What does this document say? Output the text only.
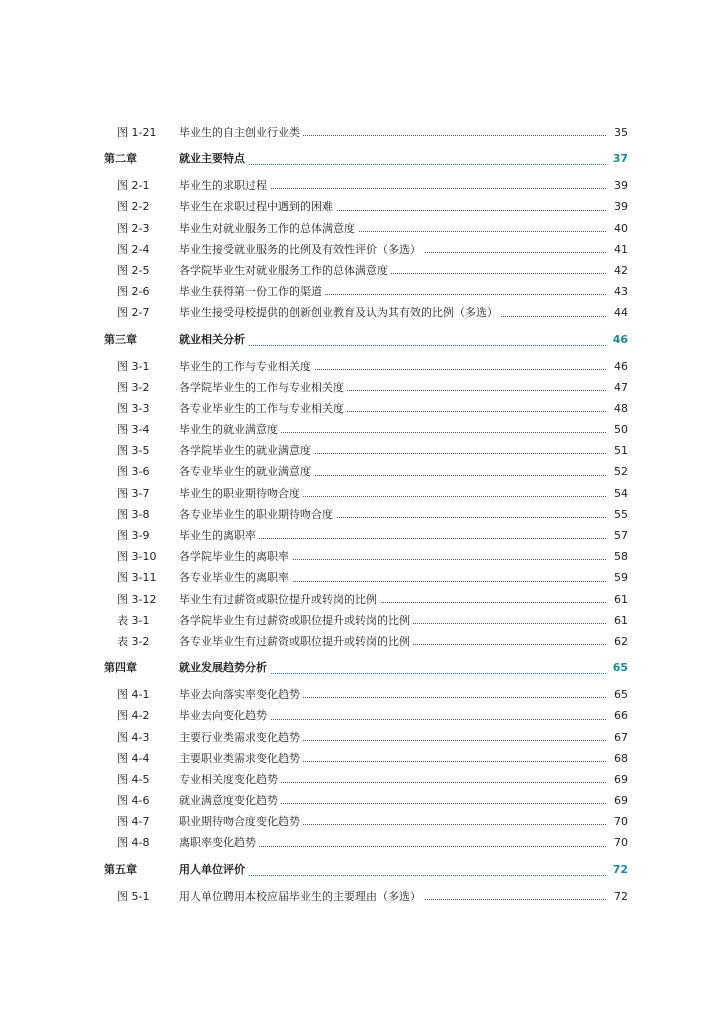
图 1-21 毕业生的自主创业行业类	35
第二章	就业主要特点	37
图 2-1	毕业生的求职过程	39
图 2-2	毕业生在求职过程中遇到的困难	39
图 2-3	毕业生对就业服务工作的总体满意度	40
图 2-4	毕业生接受就业服务的比例及有效性评价（多选）	41
图 2-5	各学院毕业生对就业服务工作的总体满意度	42
图 2-6	毕业生获得第一份工作的渠道	43
图 2-7	毕业生接受母校提供的创新创业教育及认为其有效的比例（多选）	44
第三章	就业相关分析	46
图 3-1	毕业生的工作与专业相关度	46
图 3-2	各学院毕业生的工作与专业相关度	47
图 3-3	各专业毕业生的工作与专业相关度	48
图 3-4	毕业生的就业满意度	50
图 3-5	各学院毕业生的就业满意度	51
图 3-6	各专业毕业生的就业满意度	52
图 3-7	毕业生的职业期待吻合度	54
图 3-8	各专业毕业生的职业期待吻合度	55
图 3-9	毕业生的离职率	57
图 3-10 各学院毕业生的离职率	58
图 3-11 各专业毕业生的离职率	59
图 3-12 毕业生有过薪资或职位提升或转岗的比例	61
表 3-1	各学院毕业生有过薪资或职位提升或转岗的比例	61
表 3-2	各专业毕业生有过薪资或职位提升或转岗的比例	62
第四章	就业发展趋势分析	65
图 4-1	毕业去向落实率变化趋势	65
图 4-2	毕业去向变化趋势	66
图 4-3	主要行业类需求变化趋势	67
图 4-4	主要职业类需求变化趋势	68
图 4-5	专业相关度变化趋势	69
图 4-6	就业满意度变化趋势	69
图 4-7	职业期待吻合度变化趋势	70
图 4-8	离职率变化趋势	70
第五章	用人单位评价	72
图 5-1	用人单位聘用本校应届毕业生的主要理由（多选）	72
